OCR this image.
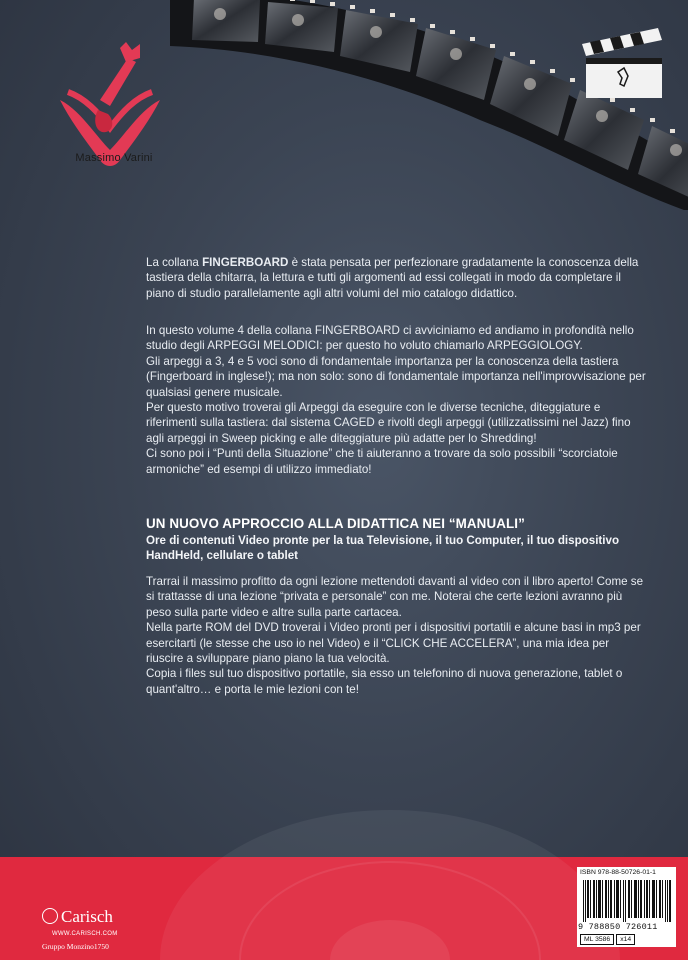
Massimo Varini

La collana FINGERBOARD è stata pensata per perfezionare gradatamente la conoscenza della tastiera della chitarra, la lettura e tutti gli argomenti ad essi collegati in modo da completare il piano di studio parallelamente agli altri volumi del mio catalogo didattico.

In questo volume 4 della collana FINGERBOARD ci avviciniamo ed andiamo in profondità nello studio degli ARPEGGI MELODICI: per questo ho voluto chiamarlo ARPEGGIOLOGY.

Gli arpeggi a 3, 4 e 5 voci sono di fondamentale importanza per la conoscenza della tastiera (Fingerboard in inglese!); ma non solo: sono di fondamentale importanza nell'improvvisazione per qualsiasi genere musicale.

Per questo motivo troverai gli Arpeggi da eseguire con le diverse tecniche, diteggiature e riferimenti sulla tastiera: dal sistema CAGED e rivolti degli arpeggi (utilizzatissimi nel Jazz) fino agli arpeggi in Sweep picking e alle diteggiature più adatte per lo Shredding!

Ci sono poi i “Punti della Situazione” che ti aiuteranno a trovare da solo possibili “scorciatoie armoniche” ed esempi di utilizzo immediato!

UN NUOVO APPROCCIO ALLA DIDATTICA NEI “MANUALI”
Ore di contenuti Video pronte per la tua Televisione, il tuo Computer, il tuo dispositivo HandHeld, cellulare o tablet

Trarrai il massimo profitto da ogni lezione mettendoti davanti al video con il libro aperto! Come se si trattasse di una lezione “privata e personale” con me. Noterai che certe lezioni avranno più peso sulla parte video e altre sulla parte cartacea.

Nella parte ROM del DVD troverai i Video pronti per i dispositivi portatili e alcune basi in mp3 per esercitarti (le stesse che uso io nel Video) e il “CLICK CHE ACCELERA”, una mia idea per riuscire a sviluppare piano piano la tua velocità.

Copia i files sul tuo dispositivo portatile, sia esso un telefonino di nuova generazione, tablet o quant'altro… e porta le mie lezioni con te!

Carisch
WWW.CARISCH.COM
Gruppo Monzino1750
ISBN 978-88-50726-01-1
9 788850 726011
ML 3586	x14
